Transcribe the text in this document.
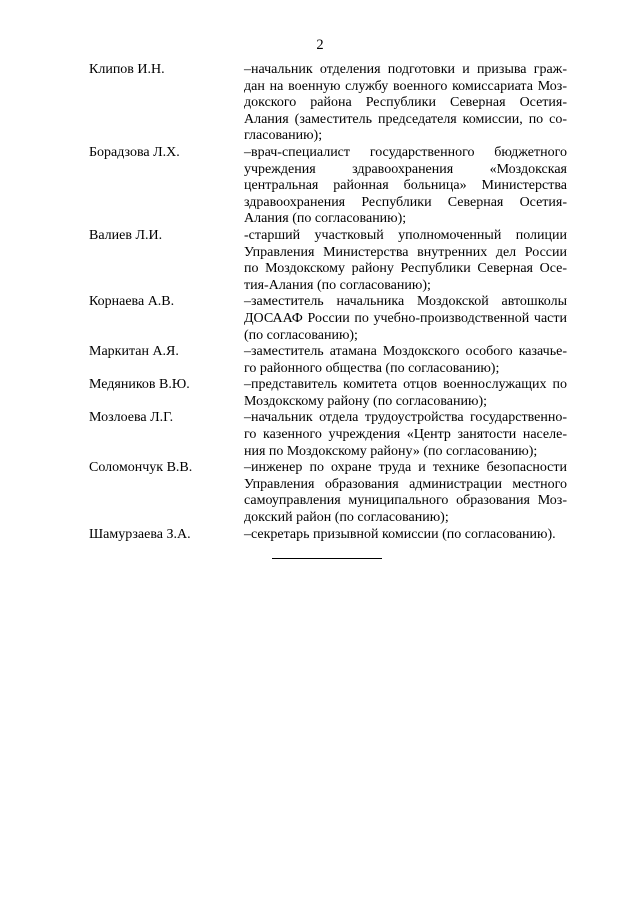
2
Клипов И.Н.	–начальник отделения подготовки и призыва граж-
дан на военную службу военного комиссариата Моз-
докского района Республики Северная Осетия-
Алания (заместитель председателя комиссии, по со-
гласованию);
Борадзова Л.Х.	–врач-специалист государственного бюджетного
учреждения здравоохранения «Моздокская
центральная районная больница» Министерства
здравоохранения Республики Северная Осетия-
Алания (по согласованию);
Валиев Л.И.	-старший участковый уполномоченный полиции
Управления Министерства внутренних дел России
по Моздокскому району Республики Северная Осе-
тия-Алания (по согласованию);
Корнаева А.В.	–заместитель начальника Моздокской автошколы
ДОСААФ России по учебно-производственной части
(по согласованию);
Маркитан А.Я.	–заместитель атамана Моздокского особого казачье-
го районного общества (по согласованию);
Медяников В.Ю.	–представитель комитета отцов военнослужащих по
Моздокскому району (по согласованию);
Мозлоева Л.Г.	–начальник отдела трудоустройства государственно-
го казенного учреждения «Центр занятости населе-
ния по Моздокскому району» (по согласованию);
Соломончук В.В.	–инженер по охране труда и технике безопасности
Управления образования администрации местного
самоуправления муниципального образования Моз-
докский район (по согласованию);
Шамурзаева З.А.	–секретарь призывной комиссии (по согласованию).
